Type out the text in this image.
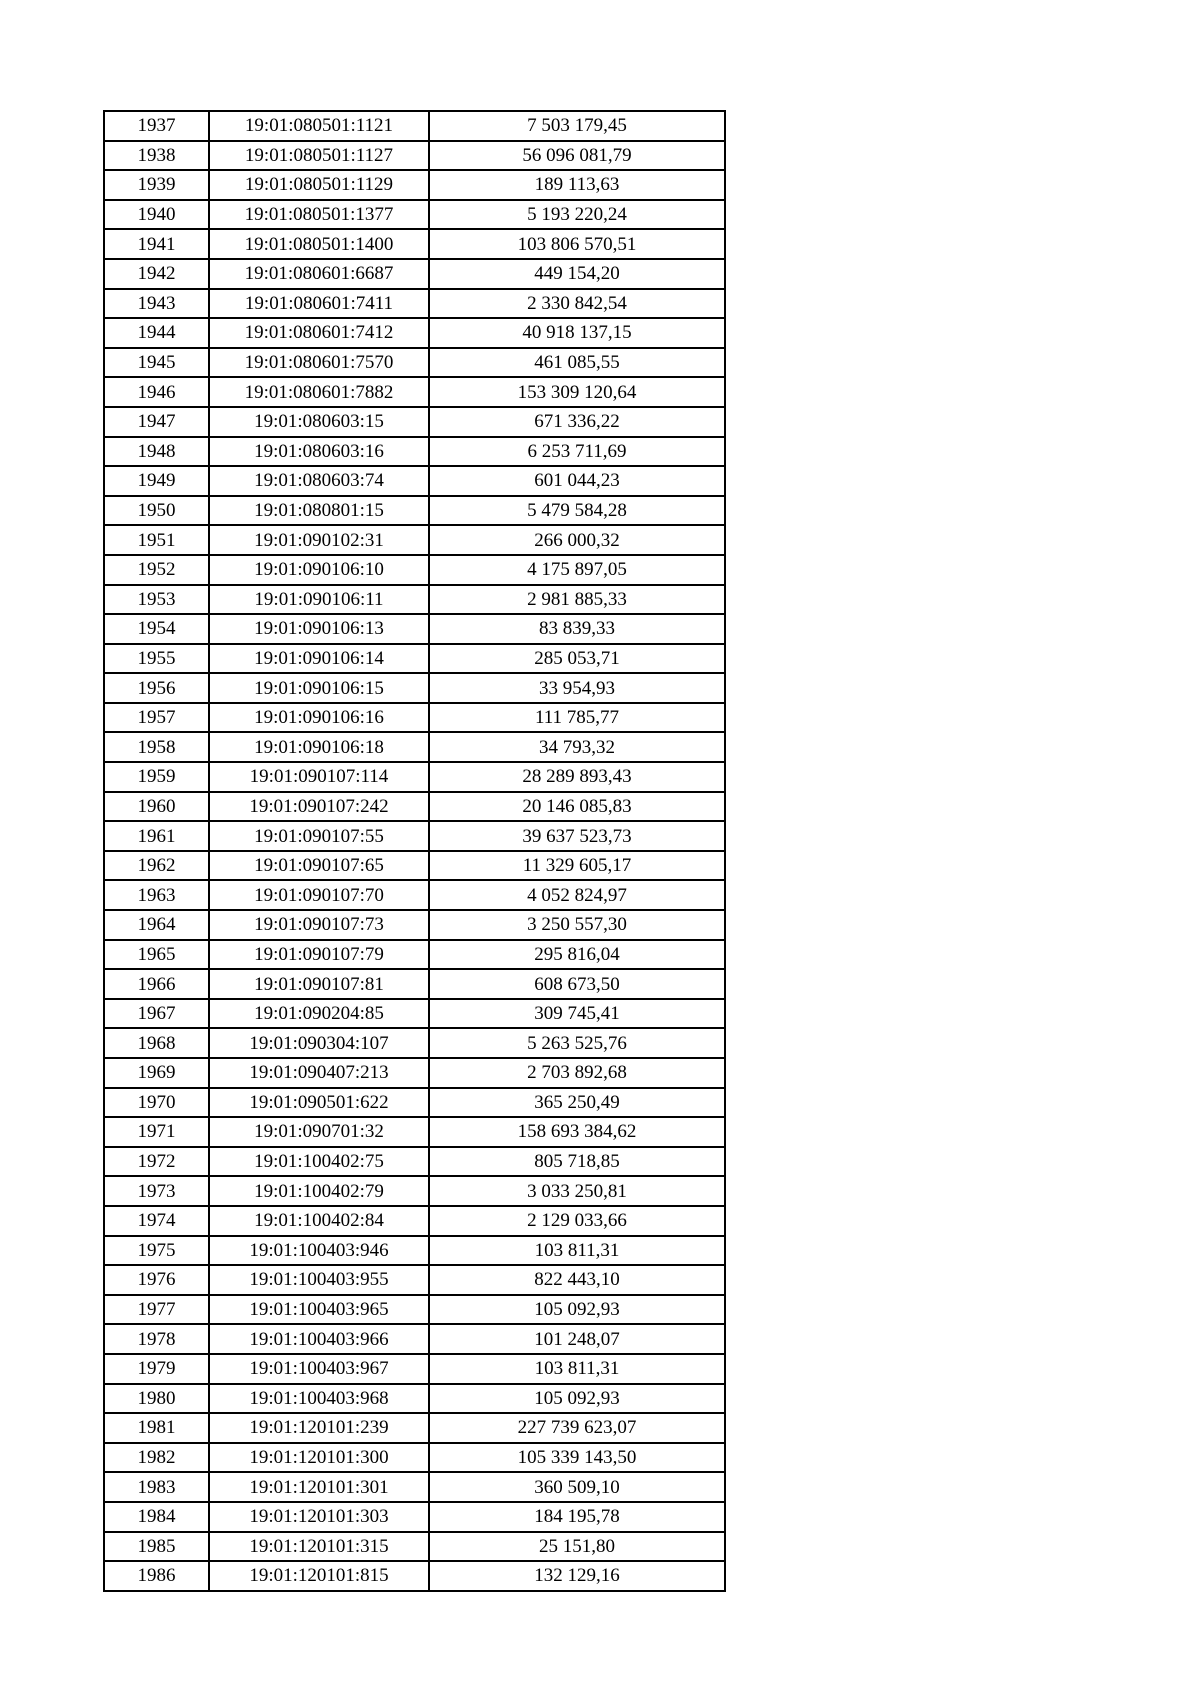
1937	19:01:080501:1121	7 503 179,45
1938	19:01:080501:1127	56 096 081,79
1939	19:01:080501:1129	189 113,63
1940	19:01:080501:1377	5 193 220,24
1941	19:01:080501:1400	103 806 570,51
1942	19:01:080601:6687	449 154,20
1943	19:01:080601:7411	2 330 842,54
1944	19:01:080601:7412	40 918 137,15
1945	19:01:080601:7570	461 085,55
1946	19:01:080601:7882	153 309 120,64
1947	19:01:080603:15	671 336,22
1948	19:01:080603:16	6 253 711,69
1949	19:01:080603:74	601 044,23
1950	19:01:080801:15	5 479 584,28
1951	19:01:090102:31	266 000,32
1952	19:01:090106:10	4 175 897,05
1953	19:01:090106:11	2 981 885,33
1954	19:01:090106:13	83 839,33
1955	19:01:090106:14	285 053,71
1956	19:01:090106:15	33 954,93
1957	19:01:090106:16	111 785,77
1958	19:01:090106:18	34 793,32
1959	19:01:090107:114	28 289 893,43
1960	19:01:090107:242	20 146 085,83
1961	19:01:090107:55	39 637 523,73
1962	19:01:090107:65	11 329 605,17
1963	19:01:090107:70	4 052 824,97
1964	19:01:090107:73	3 250 557,30
1965	19:01:090107:79	295 816,04
1966	19:01:090107:81	608 673,50
1967	19:01:090204:85	309 745,41
1968	19:01:090304:107	5 263 525,76
1969	19:01:090407:213	2 703 892,68
1970	19:01:090501:622	365 250,49
1971	19:01:090701:32	158 693 384,62
1972	19:01:100402:75	805 718,85
1973	19:01:100402:79	3 033 250,81
1974	19:01:100402:84	2 129 033,66
1975	19:01:100403:946	103 811,31
1976	19:01:100403:955	822 443,10
1977	19:01:100403:965	105 092,93
1978	19:01:100403:966	101 248,07
1979	19:01:100403:967	103 811,31
1980	19:01:100403:968	105 092,93
1981	19:01:120101:239	227 739 623,07
1982	19:01:120101:300	105 339 143,50
1983	19:01:120101:301	360 509,10
1984	19:01:120101:303	184 195,78
1985	19:01:120101:315	25 151,80
1986	19:01:120101:815	132 129,16
